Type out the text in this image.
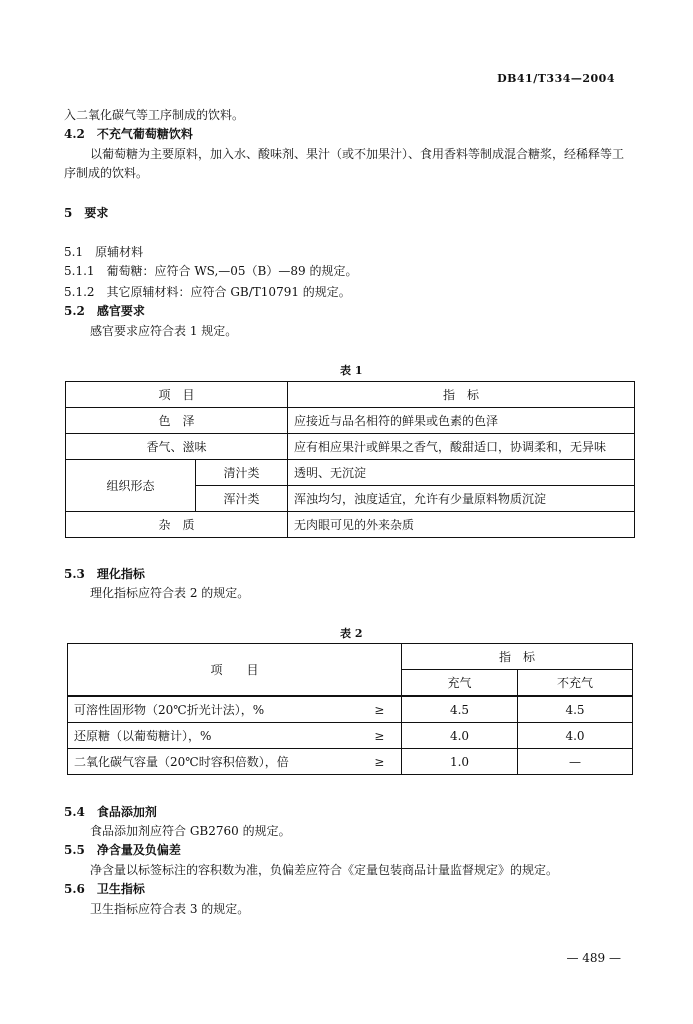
DB41/T334—2004
入二氧化碳气等工序制成的饮料。
4.2　不充气葡萄糖饮料
以葡萄糖为主要原料，加入水、酸味剂、果汁（或不加果汁）、食用香料等制成混合糖浆，经稀释等工
序制成的饮料。
5　要求
5.1　原辅材料
5.1.1　葡萄糖：应符合 WS,—05（B）—89 的规定。
5.1.2　其它原辅材料：应符合 GB/T10791 的规定。
5.2　感官要求
感官要求应符合表 1 规定。
表 1
项　目		指　标
色　泽		应接近与品名相符的鲜果或色素的色泽
香气、滋味		应有相应果汁或鲜果之香气，酸甜适口，协调柔和，无异味
组织形态	清汁类	透明、无沉淀
	浑汁类	浑浊均匀，浊度适宜，允许有少量原料物质沉淀
杂　质		无肉眼可见的外来杂质
5.3　理化指标
理化指标应符合表 2 的规定。
表 2
项　　目		指　标	
		充气	不充气
可溶性固形物（20℃折光计法），%	≥	4.5	4.5
还原糖（以葡萄糖计），%	≥	4.0	4.0
二氧化碳气容量（20℃时容积倍数），倍	≥	1.0	—
5.4　食品添加剂
食品添加剂应符合 GB2760 的规定。
5.5　净含量及负偏差
净含量以标签标注的容积数为准，负偏差应符合《定量包装商品计量监督规定》的规定。
5.6　卫生指标
卫生指标应符合表 3 的规定。
— 489 —
